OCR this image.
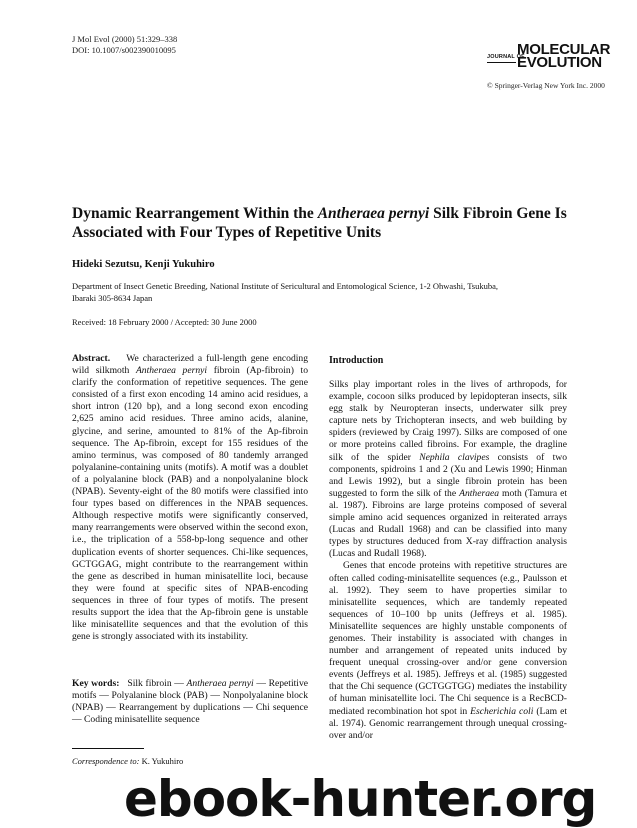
J Mol Evol (2000) 51:329–338
DOI: 10.1007/s002390010095
JOURNAL OF
MOLECULAR
EVOLUTION
© Springer-Verlag New York Inc. 2000
Dynamic Rearrangement Within the Antheraea pernyi Silk Fibroin Gene Is
Associated with Four Types of Repetitive Units
Hideki Sezutsu, Kenji Yukuhiro
Department of Insect Genetic Breeding, National Institute of Sericultural and Entomological Science, 1-2 Ohwashi, Tsukuba,
Ibaraki 305-8634 Japan
Received: 18 February 2000 / Accepted: 30 June 2000

Abstract. We characterized a full-length gene encoding wild silkmoth Antheraea pernyi fibroin (Ap-fibroin) to clarify the conformation of repetitive sequences. The gene consisted of a first exon encoding 14 amino acid residues, a short intron (120 bp), and a long second exon encoding 2,625 amino acid residues. Three amino acids, alanine, glycine, and serine, amounted to 81% of the Ap-fibroin sequence. The Ap-fibroin, except for 155 residues of the amino terminus, was composed of 80 tandemly arranged polyalanine-containing units (motifs). A motif was a doublet of a polyalanine block (PAB) and a nonpolyalanine block (NPAB). Seventy-eight of the 80 motifs were classified into four types based on differences in the NPAB sequences. Although respective motifs were significantly conserved, many rearrangements were observed within the second exon, i.e., the triplication of a 558-bp-long sequence and other duplication events of shorter sequences. Chi-like sequences, GCTGGAG, might contribute to the rearrangement within the gene as described in human minisatellite loci, because they were found at specific sites of NPAB-encoding sequences in three of four types of motifs. The present results support the idea that the Ap-fibroin gene is unstable like minisatellite sequences and that the evolution of this gene is strongly associated with its instability.

Key words: Silk fibroin — Antheraea pernyi — Repetitive motifs — Polyalanine block (PAB) — Nonpolyalanine block (NPAB) — Rearrangement by duplications — Chi sequence — Coding minisatellite sequence

Correspondence to: K. Yukuhiro
Introduction

Silks play important roles in the lives of arthropods, for example, cocoon silks produced by lepidopteran insects, silk egg stalk by Neuropteran insects, underwater silk prey capture nets by Trichopteran insects, and web building by spiders (reviewed by Craig 1997). Silks are composed of one or more proteins called fibroins. For example, the dragline silk of the spider Nephila clavipes consists of two components, spidroins 1 and 2 (Xu and Lewis 1990; Hinman and Lewis 1992), but a single fibroin protein has been suggested to form the silk of the Antheraea moth (Tamura et al. 1987). Fibroins are large proteins composed of several simple amino acid sequences organized in reiterated arrays (Lucas and Rudall 1968) and can be classified into many types by structures deduced from X-ray diffraction analysis (Lucas and Rudall 1968).

Genes that encode proteins with repetitive structures are often called coding-minisatellite sequences (e.g., Paulsson et al. 1992). They seem to have properties similar to minisatellite sequences, which are tandemly repeated sequences of 10–100 bp units (Jeffreys et al. 1985). Minisatellite sequences are highly unstable components of genomes. Their instability is associated with changes in number and arrangement of repeated units induced by frequent unequal crossing-over and/or gene conversion events (Jeffreys et al. 1985). Jeffreys et al. (1985) suggested that the Chi sequence (GCTGGTGG) mediates the instability of human minisatellite loci. The Chi sequence is a RecBCD-mediated recombination hot spot in Escherichia coli (Lam et al. 1974). Genomic rearrangement through unequal crossing-over and/or

ebook-hunter.org
